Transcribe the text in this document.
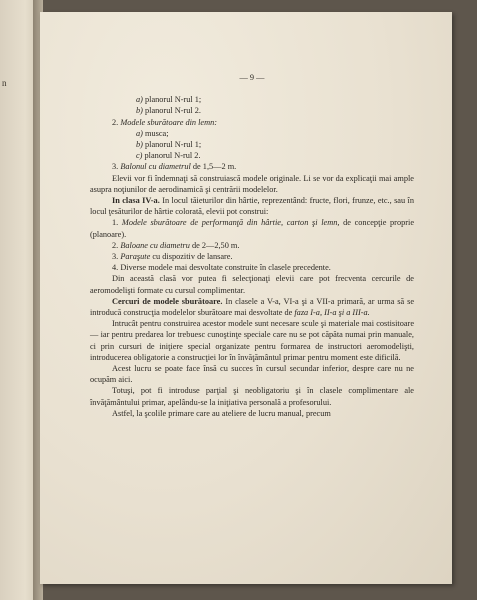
n

— 9 —

a) planorul N-rul 1;

b) planorul N-rul 2.

2. Modele sburătoare din lemn:

a) musca;

b) planorul N-rul 1;

c) planorul N-rul 2.

3. Balonul cu diametrul de 1,5—2 m.

Elevii vor fi îndemnaţi să construiască modele originale. Li se vor da explicaţii mai ample asupra noţiunilor de aerodinamică şi centrării modelelor.

In clasa IV-a. In locul tăieturilor din hârtie, reprezentând: fructe, flori, frunze, etc., sau în locul ţesăturilor de hârtie colorată, elevii pot construi:

1. Modele sburătoare de performanţă din hârtie, carton şi lemn, de concepţie proprie (planoare).

2. Baloane cu diametru de 2—2,50 m.

3. Paraşute cu dispozitiv de lansare.

4. Diverse modele mai desvoltate construite în clasele precedente.

Din această clasă vor putea fi selecţionaţi elevii care pot frecventa cercurile de aeromodelişti formate cu cursul complimentar.

Cercuri de modele sburătoare. In clasele a V-a, VI-a şi a VII-a primară, ar urma să se introducă construcţia modelelor sburătoare mai desvoltate de faza I-a, II-a şi a III-a.

Intrucât pentru construirea acestor modele sunt necesare scule şi materiale mai costisitoare — iar pentru predarea lor trebuesc cunoştinţe speciale care nu se pot căpăta numai prin manuale, ci prin cursuri de iniţiere special organizate pentru formarea de instructori aeromodelişti, introducerea obligatorie a construcţiei lor în învăţământul primar pentru moment este dificilă.

Acest lucru se poate face însă cu succes în cursul secundar inferior, despre care nu ne ocupăm aici.

Totuşi, pot fi introduse parţial şi neobligatoriu şi în clasele complimentare ale învăţământului primar, apelându-se la iniţiativa personală a profesorului.

Astfel, la şcolile primare care au ateliere de lucru manual, precum
